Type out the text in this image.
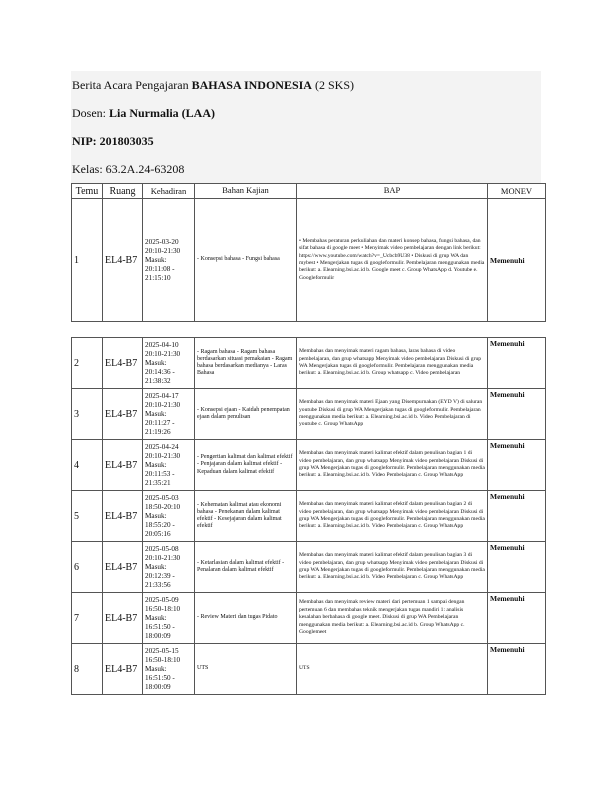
Berita Acara Pengajaran BAHASA INDONESIA (2 SKS)
Dosen: Lia Nurmalia (LAA)
NIP: 201803035
Kelas: 63.2A.24-63208
Temu	Ruang	Kehadiran	Bahan Kajian	BAP	MONEV
1	EL4-B7	2025-03-20 20:10-21:30 Masuk: 20:11:08 - 21:15:10	- Konsepsi bahasa - Fungsi bahasa	• Membahas peraturan perkuliahan dan materi konsep bahasa, fungsi bahasa, dan sifat bahasa di google meet • Menyimak video pembelajaran dengan link berikut: https://www.youtube.com/watch?v=_Ucbcb9U38 • Diskusi di grup WA dan mybest • Mengerjakan tugas di googleformulir. Pembelajaran menggunakan media berikut: a. Elearning.bsi.ac.id b. Google meet c. Group WhatsApp d. Youtube e. Googleformulir	Memenuhi
2	EL4-B7	2025-04-10 20:10-21:30 Masuk: 20:14:36 - 21:38:32	- Ragam bahasa - Ragam bahasa berdasarkan situasi pemakaian - Ragam bahasa berdasarkan medianya - Laras Bahasa	Membahas dan menyimak materi ragam bahasa, laras bahasa di video pembelajaran, dan grup whatsapp Menyimak video pembelajaran Diskusi di grup WA Mengerjakan tugas di googleformulir. Pembelajaran menggunakan media berikut: a. Elearning.bsi.ac.id b. Group whatsapp c. Video pembelajaran	Memenuhi
3	EL4-B7	2025-04-17 20:10-21:30 Masuk: 20:11:27 - 21:19:26	- Konsepsi ejaan - Kaidah penempatan ejaan dalam penulisan	Membahas dan menyimak materi Ejaan yang Disempurnakan (EYD V) di saluran youtube Diskusi di grup WA Mengerjakan tugas di googleformulir. Pembelajaran menggunakan media berikut: a. Elearning.bsi.ac.id b. Video Pembelajaran di youtube c. Group WhatsApp	Memenuhi
4	EL4-B7	2025-04-24 20:10-21:30 Masuk: 20:11:53 - 21:35:21	- Pengertian kalimat dan kalimat efektif - Penjajaran dalam kalimat efektif - Kepaduan dalam kalimat efektif	Membahas dan menyimak materi kalimat efektif dalam penulisan bagian 1 di video pembelajaran, dan grup whatsapp Menyimak video pembelajaran Diskusi di grup WA Mengerjakan tugas di googleformulir. Pembelajaran menggunakan media berikut: a. Elearning.bsi.ac.id b. Video Pembelajaran c. Group WhatsApp	Memenuhi
5	EL4-B7	2025-05-03 18:50-20:10 Masuk: 18:55:20 - 20:05:16	- Kehematan kalimat atau ekonomi bahasa - Penekanan dalam kalimat efektif - Kesejajaran dalam kalimat efektif	Membahas dan menyimak materi kalimat efektif dalam penulisan bagian 2 di video pembelajaran, dan grup whatsapp Menyimak video pembelajaran Diskusi di grup WA Mengerjakan tugas di googleformulir. Pembelajaran menggunakan media berikut: a. Elearning.bsi.ac.id b. Video Pembelajaran c. Group WhatsApp	Memenuhi
6	EL4-B7	2025-05-08 20:10-21:30 Masuk: 20:12:39 - 21:33:56	- Ketarlasian dalam kalimat efektif - Penalaran dalam kalimat efektif	Membahas dan menyimak materi kalimat efektif dalam penulisan bagian 3 di video pembelajaran, dan grup whatsapp Menyimak video pembelajaran Diskusi di grup WA Mengerjakan tugas di googleformulir. Pembelajaran menggunakan media berikut: a. Elearning.bsi.ac.id b. Video Pembelajaran c. Group WhatsApp	Memenuhi
7	EL4-B7	2025-05-09 16:50-18:10 Masuk: 16:51:50 - 18:00:09	- Review Materi dan tugas Pidato	Membahas dan menyimak review materi dari pertemuan 1 sampai dengan pertemuan 6 dan membahas teknik mengerjakan tugas mandiri 1: analisis kesalahan berbahasa di google meet. Diskusi di grup WA Pembelajaran menggunakan media berikut: a. Elearning.bsi.ac.id b. Group WhatsApp c. Googlemeet	Memenuhi
8	EL4-B7	2025-05-15 16:50-18:10 Masuk: 16:51:50 - 18:00:09	UTS	UTS	Memenuhi
